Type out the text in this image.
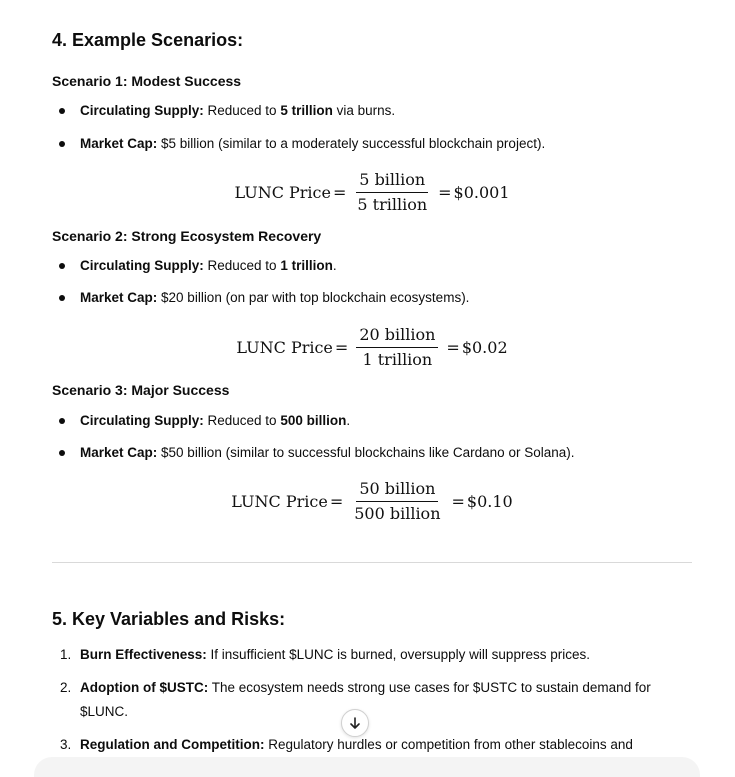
4. Example Scenarios:
Scenario 1: Modest Success
Circulating Supply: Reduced to 5 trillion via burns.
Market Cap: $5 billion (similar to a moderately successful blockchain project).
LUNC Price = $\frac{\text{5 billion}}{\text{5 trillion}}$ = $0.001
Scenario 2: Strong Ecosystem Recovery
Circulating Supply: Reduced to 1 trillion.
Market Cap: $20 billion (on par with top blockchain ecosystems).
LUNC Price = $\frac{\text{20 billion}}{\text{1 trillion}}$ = $0.02
Scenario 3: Major Success
Circulating Supply: Reduced to 500 billion.
Market Cap: $50 billion (similar to successful blockchains like Cardano or Solana).
LUNC Price = $\frac{\text{50 billion}}{\text{500 billion}}$ = $0.10
5. Key Variables and Risks:
1. Burn Effectiveness: If insufficient $LUNC is burned, oversupply will suppress prices.
2. Adoption of $USTC: The ecosystem needs strong use cases for $USTC to sustain demand for $LUNC.
3. Regulation and Competition: Regulatory hurdles or competition from other stablecoins and
